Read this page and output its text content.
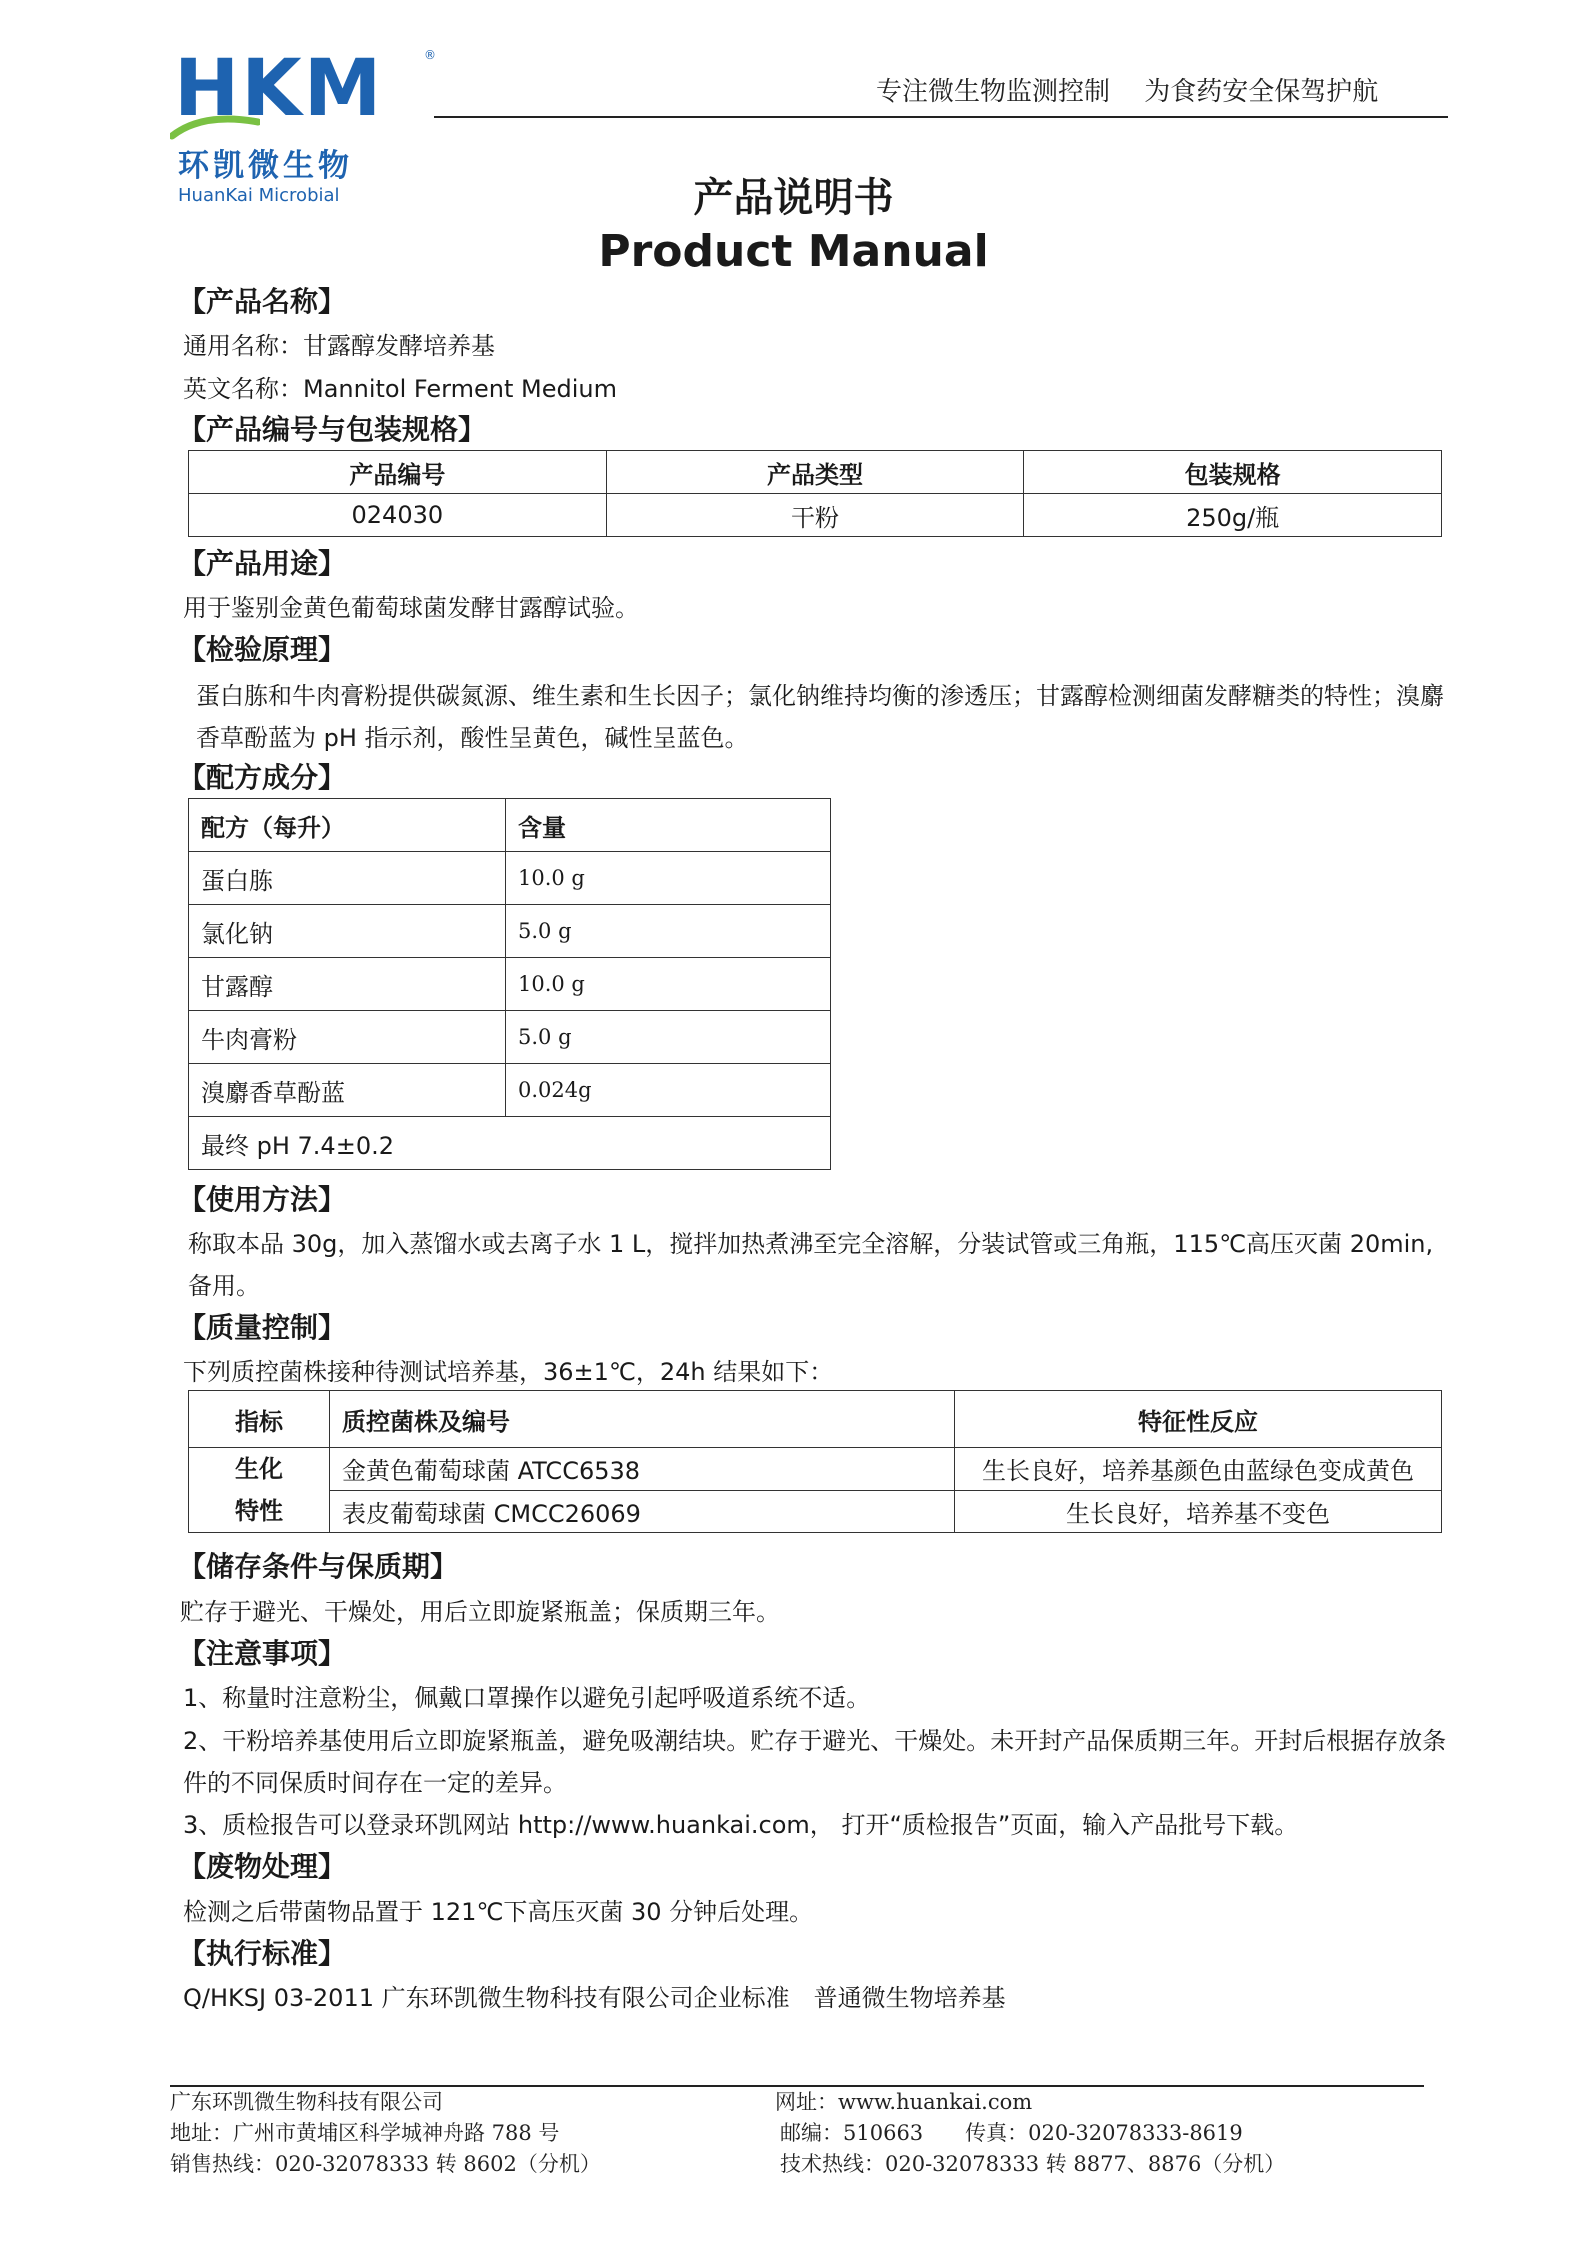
HKM	®
环凯微生物
HuanKai Microbial
专注微生物监测控制　 为食药安全保驾护航
产品说明书
Product Manual
【产品名称】
通用名称：甘露醇发酵培养基
英文名称：Mannitol Ferment Medium
【产品编号与包装规格】
产品编号	产品类型	包装规格
024030	干粉	250g/瓶
【产品用途】
用于鉴别金黄色葡萄球菌发酵甘露醇试验。
【检验原理】
蛋白胨和牛肉膏粉提供碳氮源、维生素和生长因子；氯化钠维持均衡的渗透压；甘露醇检测细菌发酵糖类的特性；溴麝香草酚蓝为 pH 指示剂，酸性呈黄色，碱性呈蓝色。
【配方成分】
配方（每升）	含量
蛋白胨	10.0 g
氯化钠	5.0 g
甘露醇	10.0 g
牛肉膏粉	5.0 g
溴麝香草酚蓝	0.024g
最终 pH 7.4±0.2	
【使用方法】
称取本品 30g，加入蒸馏水或去离子水 1 L，搅拌加热煮沸至完全溶解，分装试管或三角瓶，115℃高压灭菌 20min,备用。
【质量控制】
下列质控菌株接种待测试培养基，36±1℃，24h 结果如下：
指标	质控菌株及编号	特征性反应

生化
特性	金黄色葡萄球菌 ATCC6538	生长良好，培养基颜色由蓝绿色变成黄色
	表皮葡萄球菌 CMCC26069	生长良好，培养基不变色
【储存条件与保质期】
贮存于避光、干燥处，用后立即旋紧瓶盖；保质期三年。
【注意事项】
1、称量时注意粉尘，佩戴口罩操作以避免引起呼吸道系统不适。
2、干粉培养基使用后立即旋紧瓶盖，避免吸潮结块。贮存于避光、干燥处。未开封产品保质期三年。开封后根据存放条件的不同保质时间存在一定的差异。
3、质检报告可以登录环凯网站 http://www.huankai.com， 打开“质检报告”页面，输入产品批号下载。
【废物处理】
检测之后带菌物品置于 121℃下高压灭菌 30 分钟后处理。
【执行标准】
Q/HKSJ 03-2011 广东环凯微生物科技有限公司企业标准　普通微生物培养基
广东环凯微生物科技有限公司
地址：广州市黄埔区科学城神舟路 788 号
销售热线：020-32078333 转 8602（分机）
网址：www.huankai.com
邮编：510663　　传真：020-32078333-8619
技术热线：020-32078333 转 8877、8876（分机）
